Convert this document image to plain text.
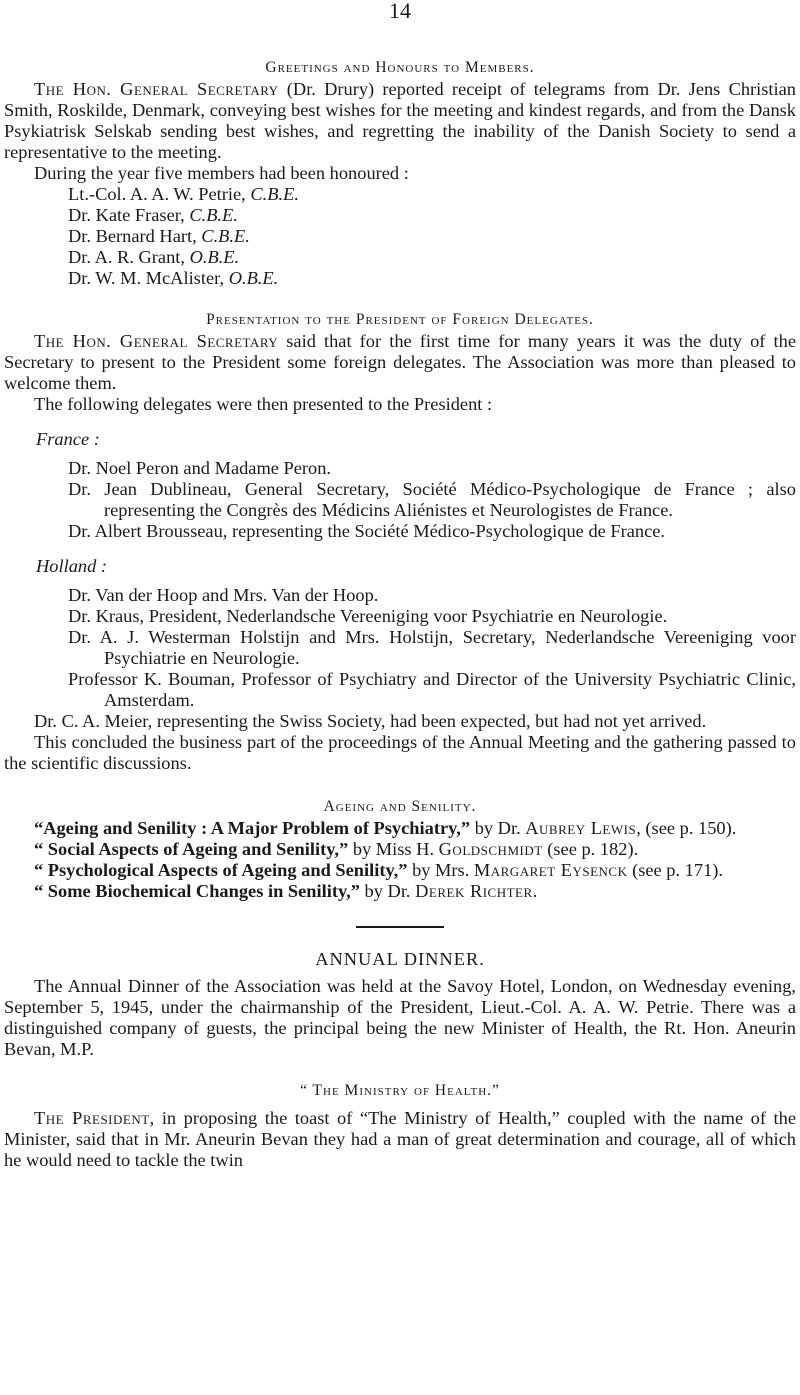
14
Greetings and Honours to Members.

The Hon. General Secretary (Dr. Drury) reported receipt of telegrams from Dr. Jens Christian Smith, Roskilde, Denmark, conveying best wishes for the meeting and kindest regards, and from the Dansk Psykiatrisk Selskab sending best wishes, and regretting the inability of the Danish Society to send a representative to the meeting.

During the year five members had been honoured :

Lt.-Col. A. A. W. Petrie, C.B.E.
Dr. Kate Fraser, C.B.E.
Dr. Bernard Hart, C.B.E.
Dr. A. R. Grant, O.B.E.
Dr. W. M. McAlister, O.B.E.
Presentation to the President of Foreign Delegates.

The Hon. General Secretary said that for the first time for many years it was the duty of the Secretary to present to the President some foreign delegates. The Association was more than pleased to welcome them.

The following delegates were then presented to the President :

France :
Dr. Noel Peron and Madame Peron.
Dr. Jean Dublineau, General Secretary, Société Médico-Psychologique de France ; also representing the Congrès des Médicins Aliénistes et Neurologistes de France.
Dr. Albert Brousseau, representing the Société Médico-Psychologique de France.
Holland :
Dr. Van der Hoop and Mrs. Van der Hoop.
Dr. Kraus, President, Nederlandsche Vereeniging voor Psychiatrie en Neurologie.
Dr. A. J. Westerman Holstijn and Mrs. Holstijn, Secretary, Nederlandsche Vereeniging voor Psychiatrie en Neurologie.
Professor K. Bouman, Professor of Psychiatry and Director of the University Psychiatric Clinic, Amsterdam.

Dr. C. A. Meier, representing the Swiss Society, had been expected, but had not yet arrived.

This concluded the business part of the proceedings of the Annual Meeting and the gathering passed to the scientific discussions.

Ageing and Senility.
“Ageing and Senility : A Major Problem of Psychiatry,” by Dr. Aubrey Lewis, (see p. 150).
“ Social Aspects of Ageing and Senility,” by Miss H. Goldschmidt (see p. 182).
“ Psychological Aspects of Ageing and Senility,” by Mrs. Margaret Eysenck (see p. 171).
“ Some Biochemical Changes in Senility,” by Dr. Derek Richter.
ANNUAL DINNER.

The Annual Dinner of the Association was held at the Savoy Hotel, London, on Wednesday evening, September 5, 1945, under the chairmanship of the President, Lieut.-Col. A. A. W. Petrie. There was a distinguished company of guests, the principal being the new Minister of Health, the Rt. Hon. Aneurin Bevan, M.P.

“ The Ministry of Health.”

The President, in proposing the toast of “The Ministry of Health,” coupled with the name of the Minister, said that in Mr. Aneurin Bevan they had a man of great determination and courage, all of which he would need to tackle the twin
